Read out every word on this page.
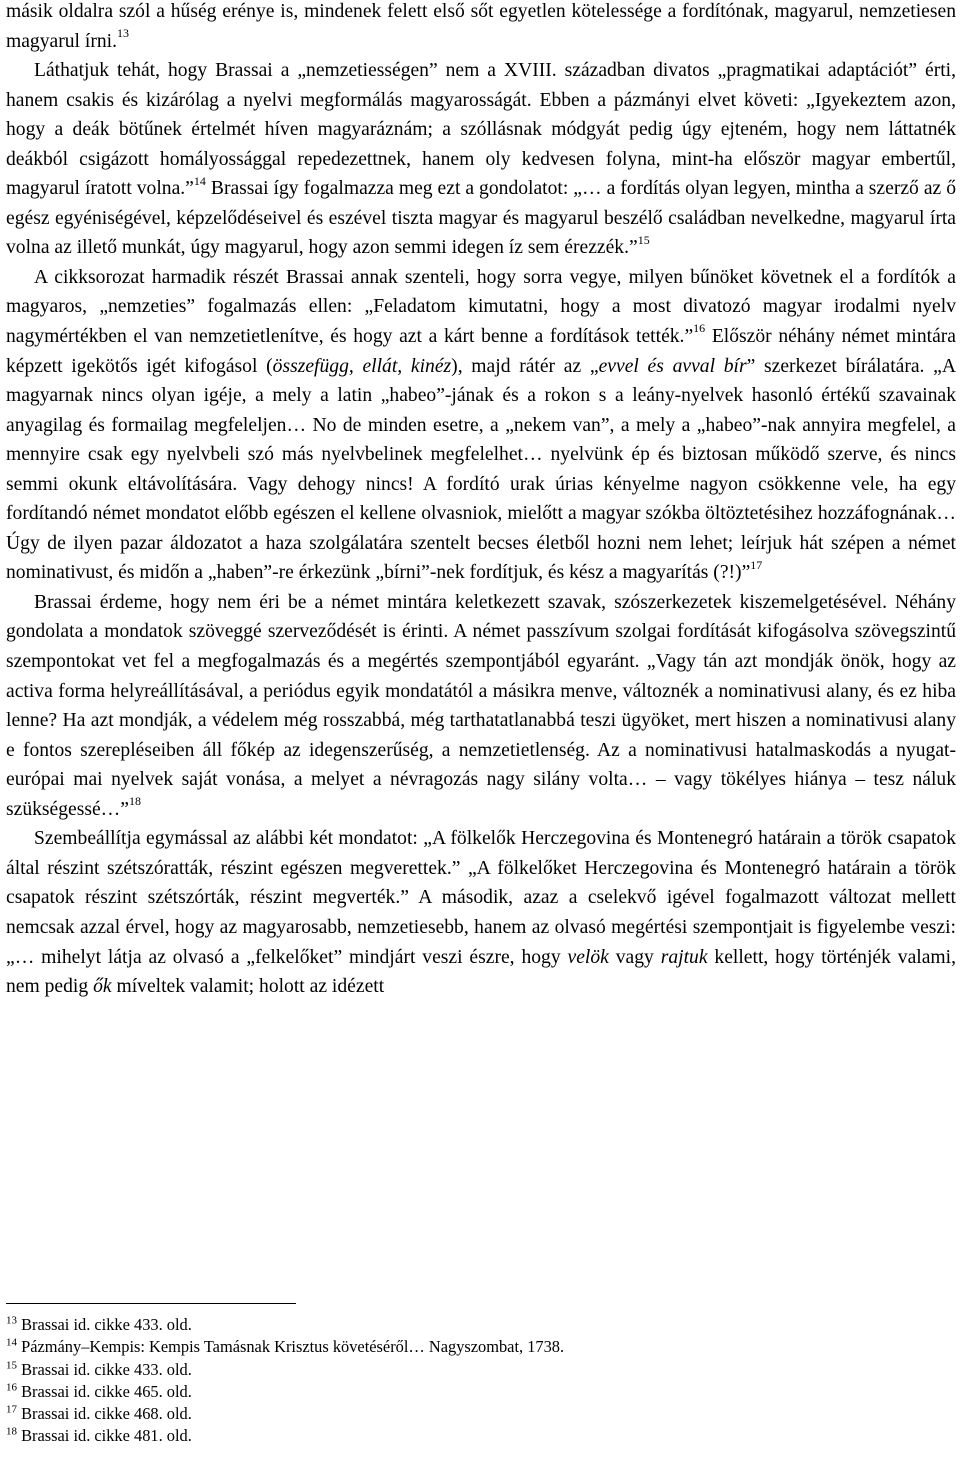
másik oldalra szól a hűség erénye is, mindenek felett első sőt egyetlen kötelessége a fordítónak, magyarul, nemzetiesen magyarul írni.$^{13}$

Láthatjuk tehát, hogy Brassai a „nemzetiességen” nem a XVIII. században divatos „pragmatikai adaptációt” érti, hanem csakis és kizárólag a nyelvi megformálás magyarosságát. Ebben a pázmányi elvet követi: „Igyekeztem azon, hogy a deák bötűnek értelmét híven magyaráznám; a szóllásnak módgyát pedig úgy ejteném, hogy nem láttatnék deákból csigázott homályossággal repedezettnek, hanem oly kedvesen folyna, mint-ha először magyar embertűl, magyarul íratott volna.”$^{14}$ Brassai így fogalmazza meg ezt a gondolatot: „… a fordítás olyan legyen, mintha a szerző az ő egész egyéniségével, képzelődéseivel és eszével tiszta magyar és magyarul beszélő családban nevelkedne, magyarul írta volna az illető munkát, úgy magyarul, hogy azon semmi idegen íz sem érezzék.”$^{15}$

A cikksorozat harmadik részét Brassai annak szenteli, hogy sorra vegye, milyen bűnöket követnek el a fordítók a magyaros, „nemzeties” fogalmazás ellen: „Feladatom kimutatni, hogy a most divatozó magyar irodalmi nyelv nagymértékben el van nemzetietlenítve, és hogy azt a kárt benne a fordítások tették.”$^{16}$ Először néhány német mintára képzett igekötős igét kifogásol (összefügg, ellát, kinéz), majd rátér az „evvel és avval bír” szerkezet bírálatára. „A magyarnak nincs olyan igéje, a mely a latin „habeo”-jának és a rokon s a leány-nyelvek hasonló értékű szavainak anyagilag és formailag megfeleljen… No de minden esetre, a „nekem van”, a mely a „habeo”-nak annyira megfelel, a mennyire csak egy nyelvbeli szó más nyelvbelinek megfelelhet… nyelvünk ép és biztosan működő szerve, és nincs semmi okunk eltávolítására. Vagy dehogy nincs! A fordító urak úrias kényelme nagyon csökkenne vele, ha egy fordítandó német mondatot előbb egészen el kellene olvasniok, mielőtt a magyar szókba öltöztetésihez hozzáfognának… Úgy de ilyen pazar áldozatot a haza szolgálatára szentelt becses életből hozni nem lehet; leírjuk hát szépen a német nominativust, és midőn a „haben”-re érkezünk „bírni”-nek fordítjuk, és kész a magyarítás (?!)”$^{17}$

Brassai érdeme, hogy nem éri be a német mintára keletkezett szavak, szószerkezetek kiszemelgetésével. Néhány gondolata a mondatok szöveggé szerveződését is érinti. A német passzívum szolgai fordítását kifogásolva szövegszintű szempontokat vet fel a megfogalmazás és a megértés szempontjából egyaránt. „Vagy tán azt mondják önök, hogy az activa forma helyreállításával, a periódus egyik mondatától a másikra menve, változnék a nominativusi alany, és ez hiba lenne? Ha azt mondják, a védelem még rosszabbá, még tarthatatlanabbá teszi ügyöket, mert hiszen a nominativusi alany e fontos szerepléseiben áll főkép az idegenszerűség, a nemzetietlenség. Az a nominativusi hatalmaskodás a nyugat-európai mai nyelvek saját vonása, a melyet a névragozás nagy silány volta… – vagy tökélyes hiánya – tesz náluk szükségessé…”$^{18}$

Szembeállítja egymással az alábbi két mondatot: „A fölkelők Herczegovina és Montenegró határain a török csapatok által részint szétszóratták, részint egészen megverettek.” „A fölkelőket Herczegovina és Montenegró határain a török csapatok részint szétszórták, részint megverték.” A második, azaz a cselekvő igével fogalmazott változat mellett nemcsak azzal érvel, hogy az magyarosabb, nemzetiesebb, hanem az olvasó megértési szempontjait is figyelembe veszi: „… mihelyt látja az olvasó a „felkelőket” mindjárt veszi észre, hogy velök vagy rajtuk kellett, hogy történjék valami, nem pedig ők míveltek valamit; holott az idézett

$^{13}$ Brassai id. cikke 433. old.
$^{14}$ Pázmány–Kempis: Kempis Tamásnak Krisztus követéséről… Nagyszombat, 1738.
$^{15}$ Brassai id. cikke 433. old.
$^{16}$ Brassai id. cikke 465. old.
$^{17}$ Brassai id. cikke 468. old.
$^{18}$ Brassai id. cikke 481. old.
